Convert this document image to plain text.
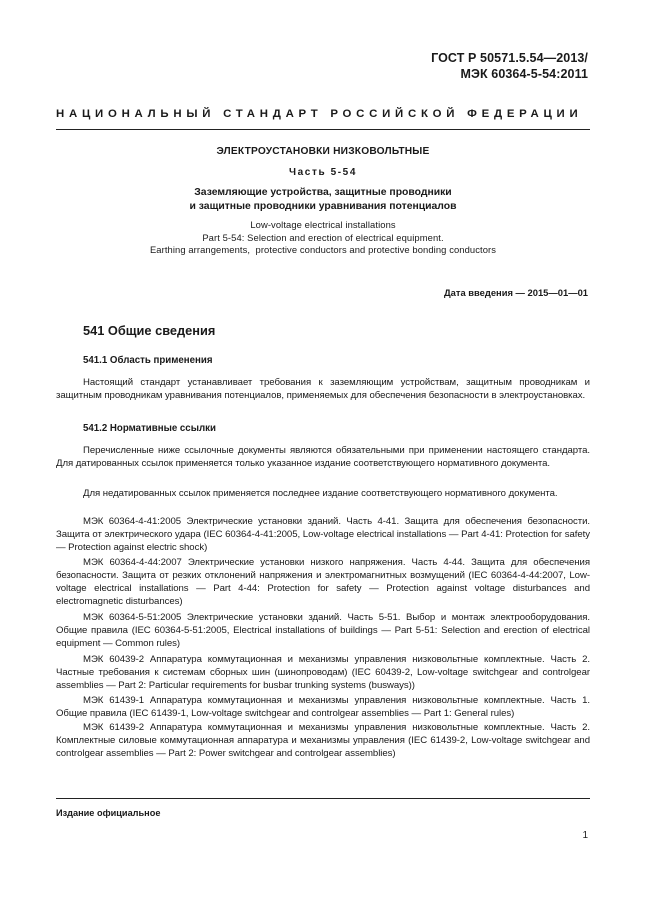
ГОСТ Р 50571.5.54—2013/
МЭК 60364-5-54:2011
НАЦИОНАЛЬНЫЙ СТАНДАРТ РОССИЙСКОЙ ФЕДЕРАЦИИ
ЭЛЕКТРОУСТАНОВКИ НИЗКОВОЛЬТНЫЕ
Часть 5-54
Заземляющие устройства, защитные проводники
и защитные проводники уравнивания потенциалов
Low-voltage electrical installations
Part 5-54: Selection and erection of electrical equipment.
Earthing arrangements,  protective conductors and protective bonding conductors
Дата введения — 2015—01—01
541 Общие сведения
541.1 Область применения
Настоящий стандарт устанавливает требования к заземляющим устройствам, защитным проводникам и защитным проводникам уравнивания потенциалов, применяемых для обеспечения безопасности в электроустановках.
541.2 Нормативные ссылки
Перечисленные ниже ссылочные документы являются обязательными при применении настоящего стандарта. Для датированных ссылок применяется только указанное издание соответствующего нормативного документа.
Для недатированных ссылок применяется последнее издание соответствующего нормативного документа.
МЭК 60364-4-41:2005 Электрические установки зданий. Часть 4-41. Защита для обеспечения безопасности. Защита от электрического удара (IEC 60364-4-41:2005, Low-voltage electrical installations — Part 4-41: Protection for safety — Protection against electric shock)
МЭК 60364-4-44:2007 Электрические установки низкого напряжения. Часть 4-44. Защита для обеспечения безопасности. Защита от резких отклонений напряжения и электромагнитных возмущений (IEC 60364-4-44:2007, Low-voltage electrical installations — Part 4-44: Protection for safety — Protection against voltage disturbances and electromagnetic disturbances)
МЭК 60364-5-51:2005 Электрические установки зданий. Часть 5-51. Выбор и монтаж электрооборудования. Общие правила (IEC 60364-5-51:2005, Electrical installations of buildings — Part 5-51: Selection and erection of electrical equipment — Common rules)
МЭК 60439-2 Аппаратура коммутационная и механизмы управления низковольтные комплектные. Часть 2. Частные требования к системам сборных шин (шинопроводам) (IEC 60439-2, Low-voltage switchgear and controlgear assemblies — Part 2: Particular requirements for busbar trunking systems (busways))
МЭК 61439-1 Аппаратура коммутационная и механизмы управления низковольтные комплектные. Часть 1. Общие правила (IEC 61439-1, Low-voltage switchgear and controlgear assemblies — Part 1: General rules)
МЭК 61439-2 Аппаратура коммутационная и механизмы управления низковольтные комплектные. Часть 2. Комплектные силовые коммутационная аппаратура и механизмы управления (IEC 61439-2, Low-voltage switchgear and controlgear assemblies — Part 2: Power switchgear and controlgear assemblies)
Издание официальное
1
